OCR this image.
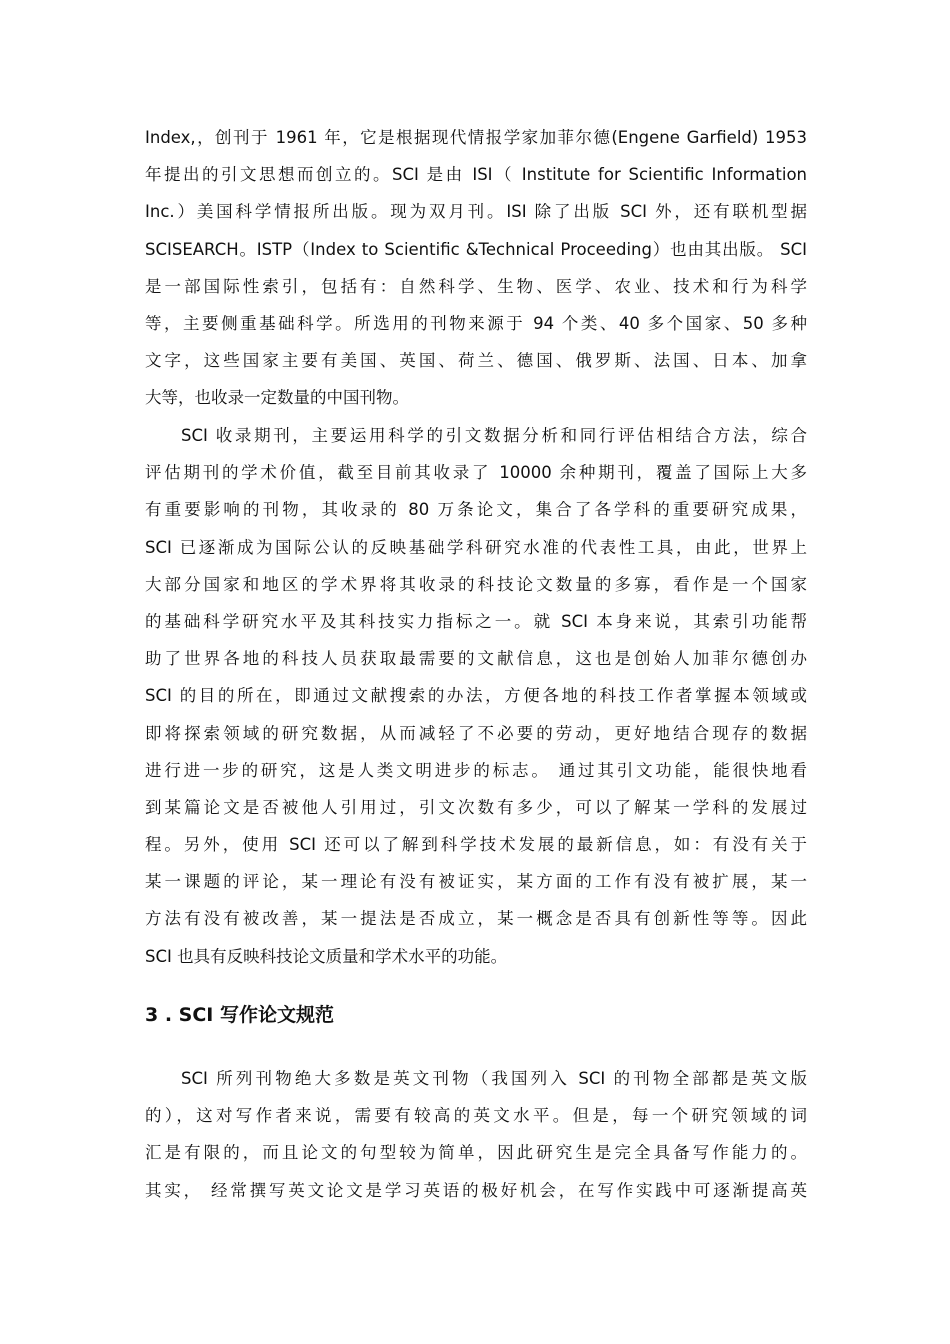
Index,，创刊于 1961 年，它是根据现代情报学家加菲尔德(Engene Garfield) 1953
年提出的引文思想而创立的。SCI 是由 ISI（ Institute for Scientific Information
Inc.）美国科学情报所出版。现为双月刊。ISI 除了出版 SCI 外，还有联机型据
SCISEARCH。ISTP（Index to Scientific &Technical Proceeding）也由其出版。 SCI
是一部国际性索引，包括有：自然科学、生物、医学、农业、技术和行为科学
等，主要侧重基础科学。所选用的刊物来源于 94 个类、40 多个国家、50 多种
文字，这些国家主要有美国、英国、荷兰、德国、俄罗斯、法国、日本、加拿
大等，也收录一定数量的中国刊物。
SCI 收录期刊，主要运用科学的引文数据分析和同行评估相结合方法，综合
评估期刊的学术价值，截至目前其收录了 10000 余种期刊，覆盖了国际上大多
有重要影响的刊物，其收录的 80 万条论文，集合了各学科的重要研究成果，
SCI 已逐渐成为国际公认的反映基础学科研究水准的代表性工具，由此，世界上
大部分国家和地区的学术界将其收录的科技论文数量的多寡，看作是一个国家
的基础科学研究水平及其科技实力指标之一。就 SCI 本身来说，其索引功能帮
助了世界各地的科技人员获取最需要的文献信息，这也是创始人加菲尔德创办
SCI 的目的所在，即通过文献搜索的办法，方便各地的科技工作者掌握本领域或
即将探索领域的研究数据，从而减轻了不必要的劳动，更好地结合现存的数据
进行进一步的研究，这是人类文明进步的标志。 通过其引文功能，能很快地看
到某篇论文是否被他人引用过，引文次数有多少，可以了解某一学科的发展过
程。另外，使用 SCI 还可以了解到科学技术发展的最新信息，如：有没有关于
某一课题的评论，某一理论有没有被证实，某方面的工作有没有被扩展，某一
方法有没有被改善，某一提法是否成立，某一概念是否具有创新性等等。因此
SCI 也具有反映科技论文质量和学术水平的功能。
3 . SCI 写作论文规范
SCI 所列刊物绝大多数是英文刊物（我国列入 SCI 的刊物全部都是英文版
的），这对写作者来说，需要有较高的英文水平。但是，每一个研究领域的词
汇是有限的，而且论文的句型较为简单，因此研究生是完全具备写作能力的。
其实， 经常撰写英文论文是学习英语的极好机会，在写作实践中可逐渐提高英
